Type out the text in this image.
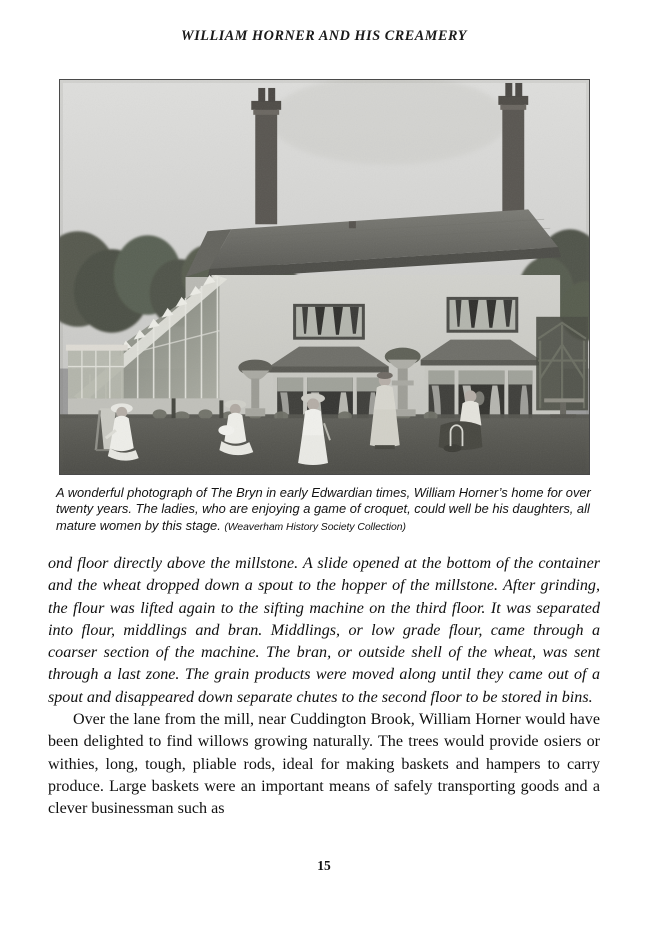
WILLIAM HORNER AND HIS CREAMERY
A wonderful photograph of The Bryn in early Edwardian times, William Horner’s home for over twenty years. The ladies, who are enjoying a game of croquet, could well be his daughters, all mature women by this stage. (Weaverham History Society Collection)

ond floor directly above the millstone. A slide opened at the bottom of the container and the wheat dropped down a spout to the hopper of the millstone. After grinding, the flour was lifted again to the sifting machine on the third floor. It was separated into flour, middlings and bran. Middlings, or low grade flour, came through a coarser section of the machine. The bran, or outside shell of the wheat, was sent through a last zone. The grain products were moved along until they came out of a spout and disappeared down separate chutes to the second floor to be stored in bins.

Over the lane from the mill, near Cuddington Brook, William Horner would have been delighted to find willows growing naturally. The trees would provide osiers or withies, long, tough, pliable rods, ideal for making baskets and hampers to carry produce. Large baskets were an important means of safely transporting goods and a clever businessman such as

15
